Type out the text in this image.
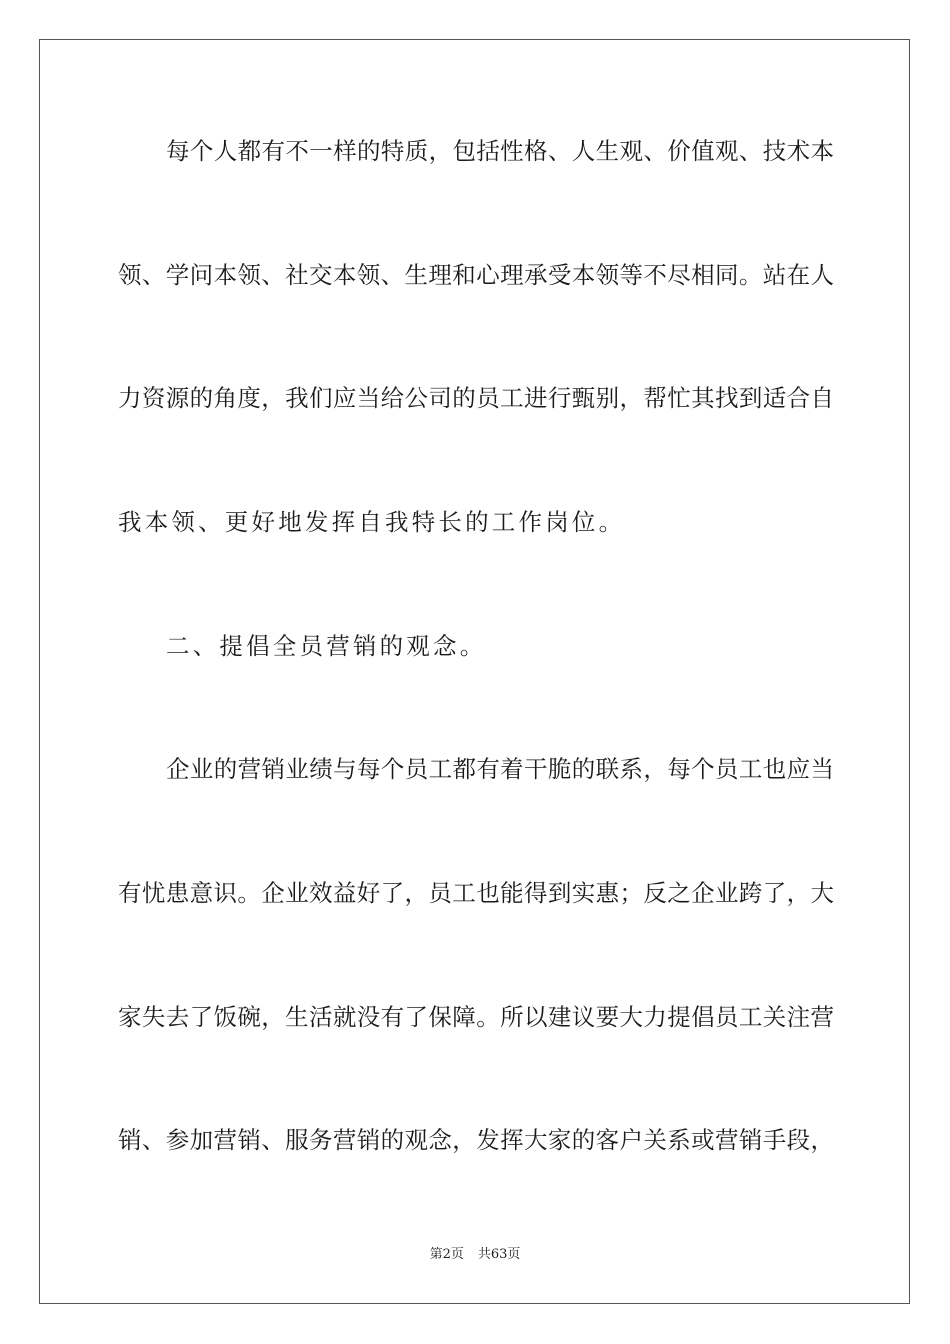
每个人都有不一样的特质，包括性格、人生观、价值观、技术本
领、学问本领、社交本领、生理和心理承受本领等不尽相同。站在人
力资源的角度，我们应当给公司的员工进行甄别，帮忙其找到适合自
我本领、更好地发挥自我特长的工作岗位。
二、提倡全员营销的观念。
企业的营销业绩与每个员工都有着干脆的联系，每个员工也应当
有忧患意识。企业效益好了，员工也能得到实惠；反之企业跨了，大
家失去了饭碗，生活就没有了保障。所以建议要大力提倡员工关注营
销、参加营销、服务营销的观念，发挥大家的客户关系或营销手段，
第2页 共63页
